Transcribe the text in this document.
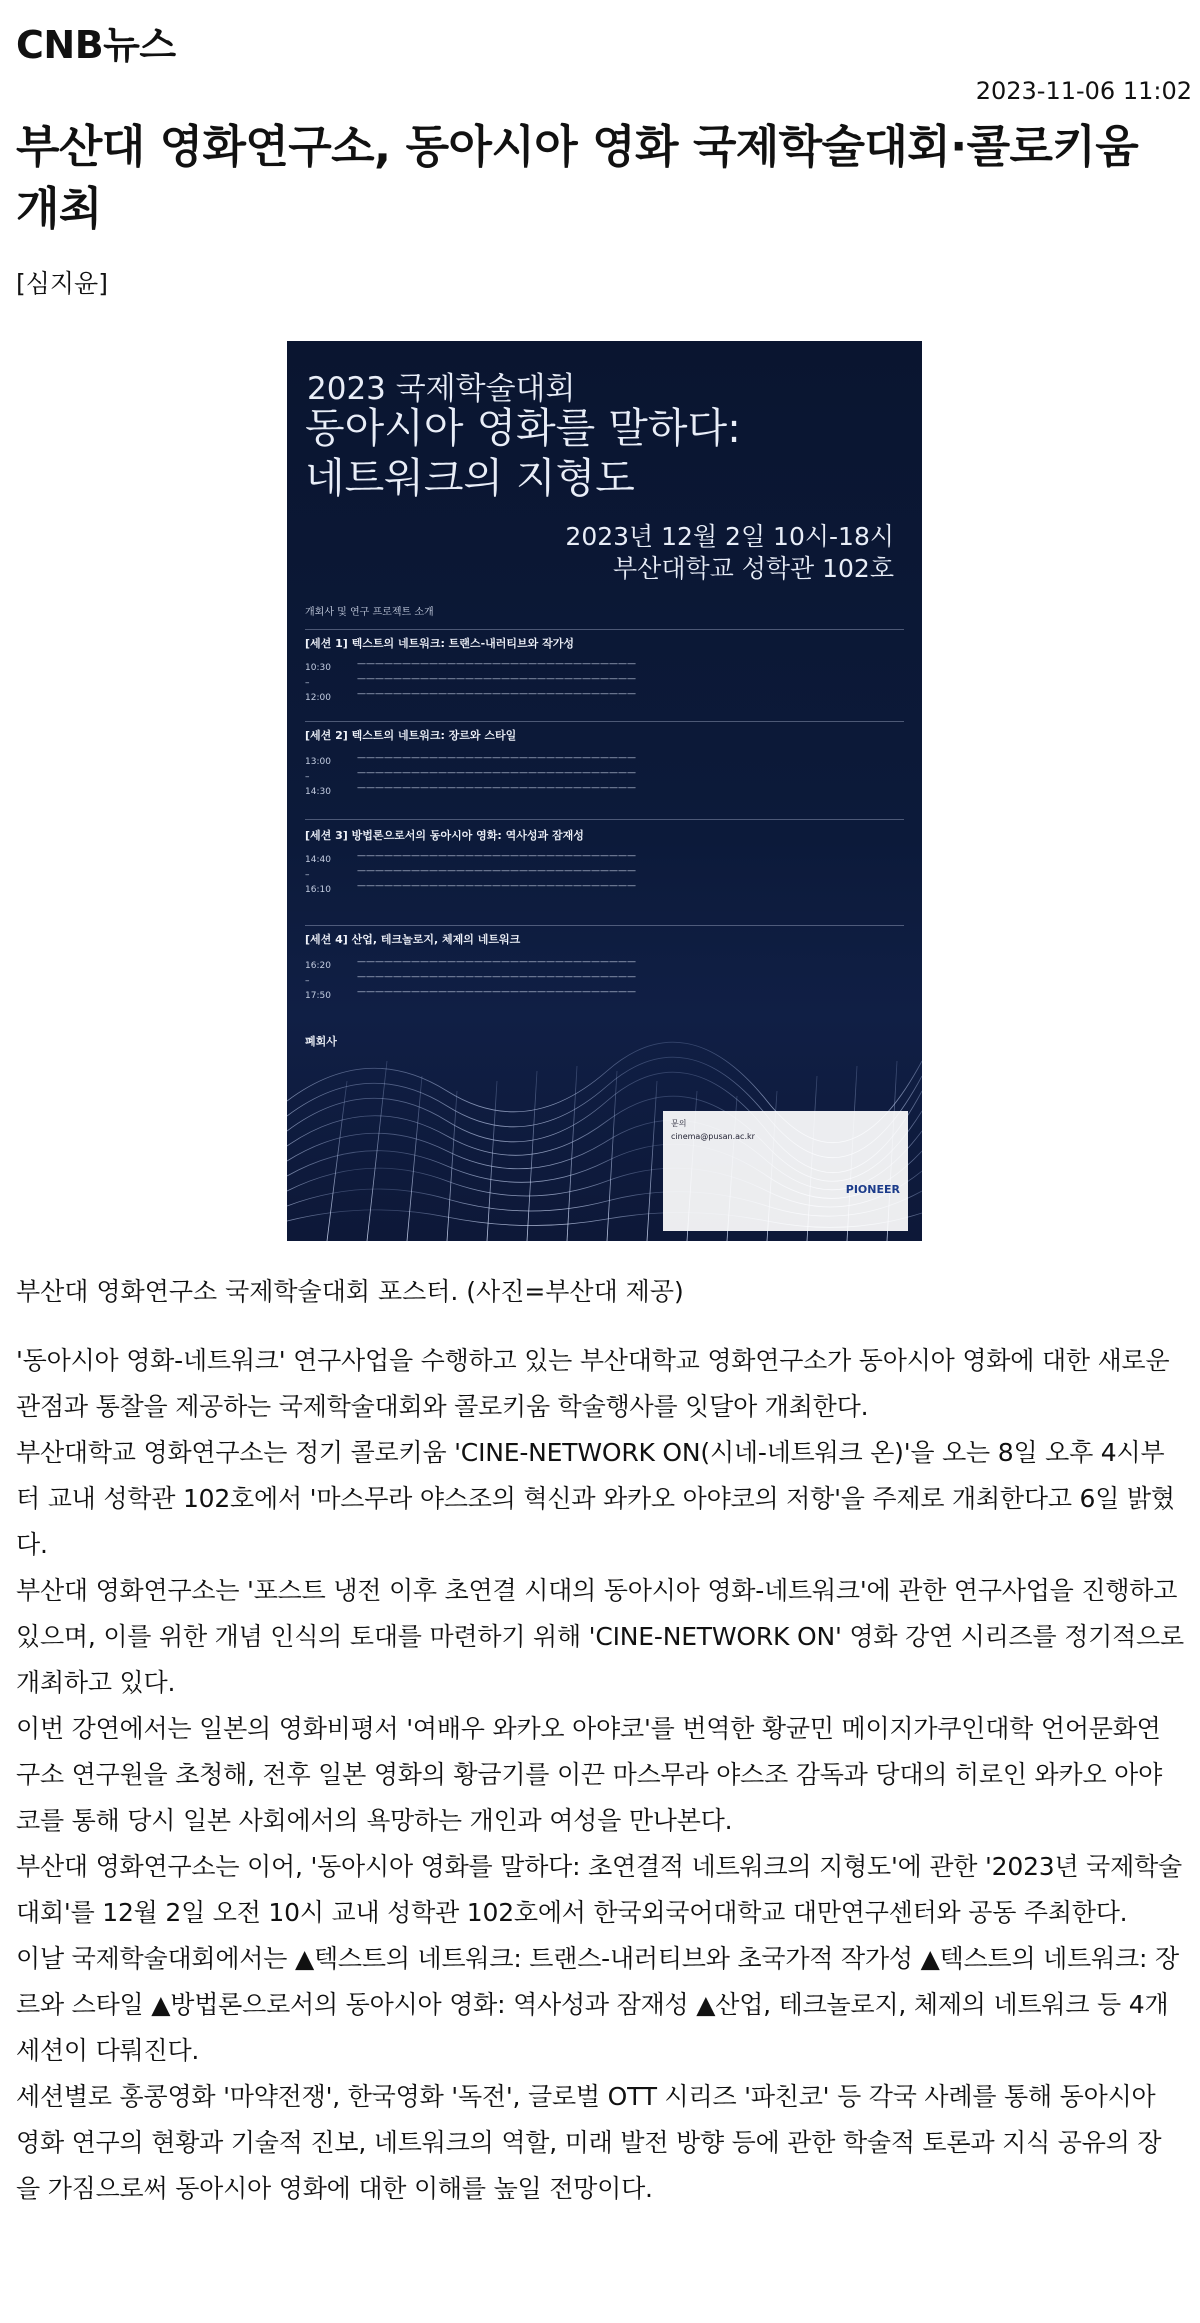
CNB뉴스
2023-11-06 11:02
부산대 영화연구소, 동아시아 영화 국제학술대회·콜로키움 개최
[심지윤]
2023 국제학술대회
동아시아 영화를 말하다:
네트워크의 지형도
2023년 12월 2일 10시-18시
부산대학교 성학관 102호
개회사 및 연구 프로젝트 소개
[세션 1] 텍스트의 네트워크: 트랜스-내러티브와 작가성
10:30
–
12:00
———————————————————————————————
———————————————————————————————
———————————————————————————————
[세션 2] 텍스트의 네트워크: 장르와 스타일
13:00
–
14:30
———————————————————————————————
———————————————————————————————
———————————————————————————————
[세션 3] 방법론으로서의 동아시아 영화: 역사성과 잠재성
14:40
–
16:10
———————————————————————————————
———————————————————————————————
———————————————————————————————
[세션 4] 산업, 테크놀로지, 체제의 네트워크
16:20
–
17:50
———————————————————————————————
———————————————————————————————
———————————————————————————————
폐회사
문의
cinema@pusan.ac.kr
PIONEER
부산대 영화연구소 국제학술대회 포스터. (사진=부산대 제공)

'동아시아 영화-네트워크' 연구사업을 수행하고 있는 부산대학교 영화연구소가 동아시아 영화에 대한 새로운 관점과 통찰을 제공하는 국제학술대회와 콜로키움 학술행사를 잇달아 개최한다.

부산대학교 영화연구소는 정기 콜로키움 'CINE-NETWORK ON(시네-네트워크 온)'을 오는 8일 오후 4시부터 교내 성학관 102호에서 '마스무라 야스조의 혁신과 와카오 아야코의 저항'을 주제로 개최한다고 6일 밝혔다.

부산대 영화연구소는 '포스트 냉전 이후 초연결 시대의 동아시아 영화-네트워크'에 관한 연구사업을 진행하고 있으며, 이를 위한 개념 인식의 토대를 마련하기 위해 'CINE-NETWORK ON' 영화 강연 시리즈를 정기적으로 개최하고 있다.

이번 강연에서는 일본의 영화비평서 '여배우 와카오 아야코'를 번역한 황균민 메이지가쿠인대학 언어문화연구소 연구원을 초청해, 전후 일본 영화의 황금기를 이끈 마스무라 야스조 감독과 당대의 히로인 와카오 아야코를 통해 당시 일본 사회에서의 욕망하는 개인과 여성을 만나본다.

부산대 영화연구소는 이어, '동아시아 영화를 말하다: 초연결적 네트워크의 지형도'에 관한 '2023년 국제학술대회'를 12월 2일 오전 10시 교내 성학관 102호에서 한국외국어대학교 대만연구센터와 공동 주최한다.

이날 국제학술대회에서는 ▲텍스트의 네트워크: 트랜스-내러티브와 초국가적 작가성 ▲텍스트의 네트워크: 장르와 스타일 ▲방법론으로서의 동아시아 영화: 역사성과 잠재성 ▲산업, 테크놀로지, 체제의 네트워크 등 4개 세션이 다뤄진다.

세션별로 홍콩영화 '마약전쟁', 한국영화 '독전', 글로벌 OTT 시리즈 '파친코' 등 각국 사례를 통해 동아시아 영화 연구의 현황과 기술적 진보, 네트워크의 역할, 미래 발전 방향 등에 관한 학술적 토론과 지식 공유의 장을 가짐으로써 동아시아 영화에 대한 이해를 높일 전망이다.
